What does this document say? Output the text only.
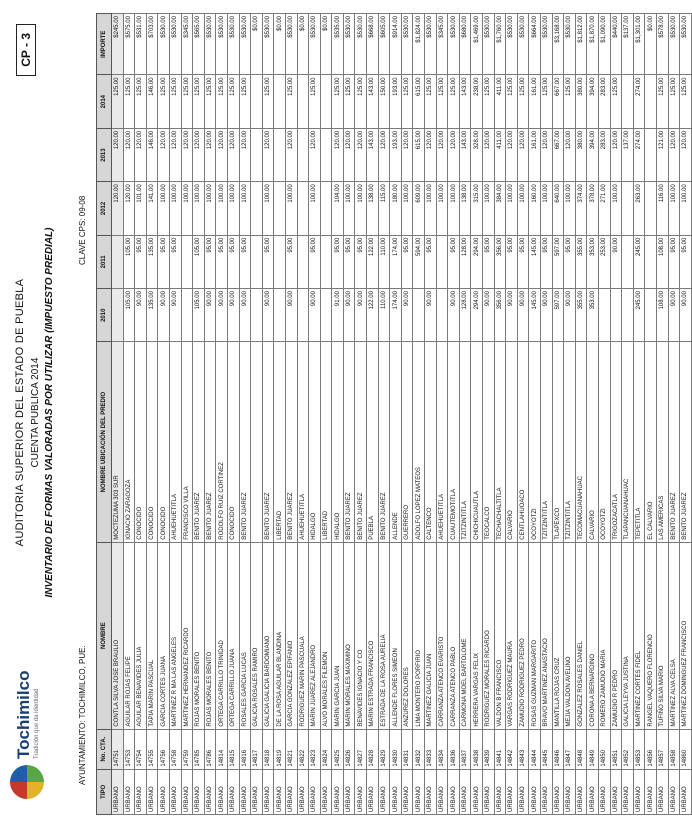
Tochimilco Tradición que da identidad
AUDITORIA SUPERIOR DEL ESTADO DE PUEBLA CUENTA PUBLICA 2014 INVENTARIO DE FORMAS VALORADAS POR UTILIZAR (IMPUESTO PREDIAL)
CP - 3
AYUNTAMIENTO: TOCHIMILCO, PUE.
CLAVE CPS: 09-08
TIPO	No. CTA.	NOMBRE	NOMBRE UBICACIÓN DEL PREDIO	2010	2011	2012	2013	2014	IMPORTE
URBANO	14751	CONTLA SILVA JOSE BRAULIO	MOCTEZUMA 303 SUR			120.00	120.00	125.00	$245.00
URBANO	14753	AGUILAR ROJAS FELIPE	IGNACIO ZARAGOZA	105.00	105.00	120.00	120.00	125.00	$575.00
URBANO	14754	AGUILAR BENAVIDES JULIA	CONOCIDO	90.00	95.00	101.00	120.00	125.00	$531.00
URBANO	14755	TAPIA MARIN PASCUAL	CONOCIDO	135.00	135.00	141.00	146.00	146.00	$703.00
URBANO	14756	GARCIA CORTES JUANA	CONOCIDO	90.00	95.00	100.00	120.00	125.00	$530.00
URBANO	14758	MARTINEZ R MA LAS ANGELES	AHUEHUETITLA	90.00	95.00	100.00	120.00	125.00	$530.00
URBANO	14759	MARTINEZ HERNANDEZ RICARDO	FRANCISCO VILLA			100.00	120.00	125.00	$345.00
URBANO	14785	ROJAS MORALES BENITO	BENITO JUAREZ	105.00	105.00	100.00	120.00	125.00	$565.00
URBANO	14786	ROJAS MORALES BENITO	BENITO JUAREZ	90.00	95.00	100.00	120.00	125.00	$530.00
URBANO	14814	ORTEGA CARRILLO TRINIDAD	RODOLFO RUIZ CORTINEZ	90.00	95.00	100.00	120.00	125.00	$530.00
URBANO	14815	ORTEGA CARRILLO JUANA	CONOCIDO	90.00	95.00	100.00	120.00	125.00	$530.00
URBANO	14816	ROSALES GARCIA LUCAS	BENITO JUAREZ	90.00	95.00	100.00	120.00	125.00	$530.00
URBANO	14817	GALICIA ROSALES RAMIRO							$0.00
URBANO	14818	GALICIA GALICIA BARDOMIANO	BENITO JUAREZ	90.00	95.00	100.00	120.00	125.00	$530.00
URBANO	14819	DE LA ROSA AGUILAR BLANDINA	LIBERTAD						$0.00
URBANO	14821	GARCIA GONZALEZ EPIFANIO	BENITO JUAREZ	90.00	95.00	100.00	120.00	125.00	$530.00
URBANO	14822	RODRIGUEZ MARIN PASCUALA	AHUEHUETITLA						$0.00
URBANO	14823	MARIN JUAREZ ALEJANDRO	HIDALGO	90.00	95.00	100.00	120.00	125.00	$530.00
URBANO	14824	ALVO MORALES FILEMON	LIBERTAD						$0.00
URBANO	14825	MARIN GARCIA JUAN	HIDALGO	91.00	95.00	104.00	120.00	125.00	$535.00
URBANO	14826	MARIN MORALES MAXIMINO	BENITO JUAREZ	90.00	95.00	100.00	120.00	125.00	$530.00
URBANO	14827	BENAVIDES IGNACIO Y CO	BENITO JUAREZ	90.00	95.00	100.00	120.00	125.00	$530.00
URBANO	14828	MARIN ESTRADA FRANCISCO	PUEBLA	122.00	122.00	138.00	143.00	143.00	$668.00
URBANO	14829	ESTRADA DE LA ROSA AURELIA	BENITO JUAREZ	110.00	110.00	115.00	120.00	150.00	$605.00
URBANO	14830	ALLENDE FLORES SIMEON	ALLENDE	174.00	174.00	180.00	193.00	193.00	$914.00
URBANO	14831	ANZUREZ DOLORES	GUERRERO	90.00	95.00	100.00	120.00	125.00	$530.00
URBANO	14832	LIMA MONTERO PORFIRIO	ADOLFO LOPEZ MATEOS		594.00	609.00	615.00	615.00	$1,824.00
URBANO	14833	MARTINEZ GALICIA JUAN	CALTENCO	90.00	95.00	100.00	120.00	125.00	$530.00
URBANO	14834	CARRANZA ATENCO EVARISTO	AHUEHUETITLA			100.00	120.00	125.00	$345.00
URBANO	14836	CARRANZA ATENCO PABLO	CUAUTEMOTITLA	90.00	95.00	100.00	120.00	125.00	$530.00
URBANO	14837	CARMONA MOEL BARTOLOME	TZITZINTITLA	128.00	128.00	138.00	143.00	143.00	$680.00
URBANO	14838	HERRERA VARGAS FELIX	CHICHICUAUTLA	294.00	294.00	315.00	328.00	238.00	$1,469.00
URBANO	14839	RODRIGUEZ MORALES RICARDO	TEOCALCO	90.00	95.00	100.00	120.00	125.00	$530.00
URBANO	14841	VALDON B FRANCISCO	TECHACHALTITLA	356.00	356.00	384.00	411.00	411.00	$1,760.00
URBANO	14842	VARGAS RODRIGUEZ MAURA	CALVARIO	90.00	95.00	100.00	120.00	125.00	$530.00
URBANO	14843	ZAMUDIO RODRIGUEZ PEDRO	CENTLAHUOACO	90.00	95.00	100.00	120.00	125.00	$530.00
URBANO	14844	ROSAS GUZMAN MARGARITO	OCOYOTZI	145.00	145.00	160.00	161.00	161.00	$664.00
URBANO	14845	BRAVO MARTINEZ ANASTACIO	TZITZINTITLA	90.00	95.00	100.00	120.00	125.00	$530.00
URBANO	14846	MANTILLA ROJAS CRUZ	TLAPEXCO	597.00	597.00	640.00	667.00	667.00	$3,168.00
URBANO	14847	MEJIA VALDON AVELINO	TZITZINTITLA	90.00	95.00	100.00	120.00	125.00	$530.00
URBANO	14848	GONZALEZ ROSALES DANIEL	TECOMACUANAHUAC	355.00	355.00	374.00	380.00	380.00	$1,812.00
URBANO	14849	CORONA A BERNARDINO	CALVARIO	353.00	353.00	378.00	394.00	394.00	$1,870.00
URBANO	14850	ROMERO ZAMUDIO MARIA	OCOYOTZI		253.00	271.00	283.00	283.00	$1,090.00
URBANO	14851	ZAMUDIO R PEDRO	TRIGOZACATLA		90.00	100.00	120.00	125.00	$440.00
URBANO	14852	GALICIA LEYVA JUSTINA	TLAPANCUANAHUAC				137.00		$137.00
URBANO	14853	MARTINEZ CORTES FIDEL	TEPETITLA	245.00	245.00	263.00	274.00	274.00	$1,301.00
URBANO	14856	RANGEL VAQUERO FLORENCIO	EL CALVARIO						$0.00
URBANO	14857	TUFIÑO SILVA MARIO	LAS AMERICAS	108.00	108.00	116.00	121.00	125.00	$578.00
URBANO	14858	MARTINEZ ALVA CELSA	BENITO JUAREZ	90.00	95.00	100.00	120.00	125.00	$530.00
URBANO	14860	MARTINEZ DOMINGUEZ FRANCISCO	BENITO JUAREZ	90.00	95.00	100.00	120.00	125.00	$530.00
